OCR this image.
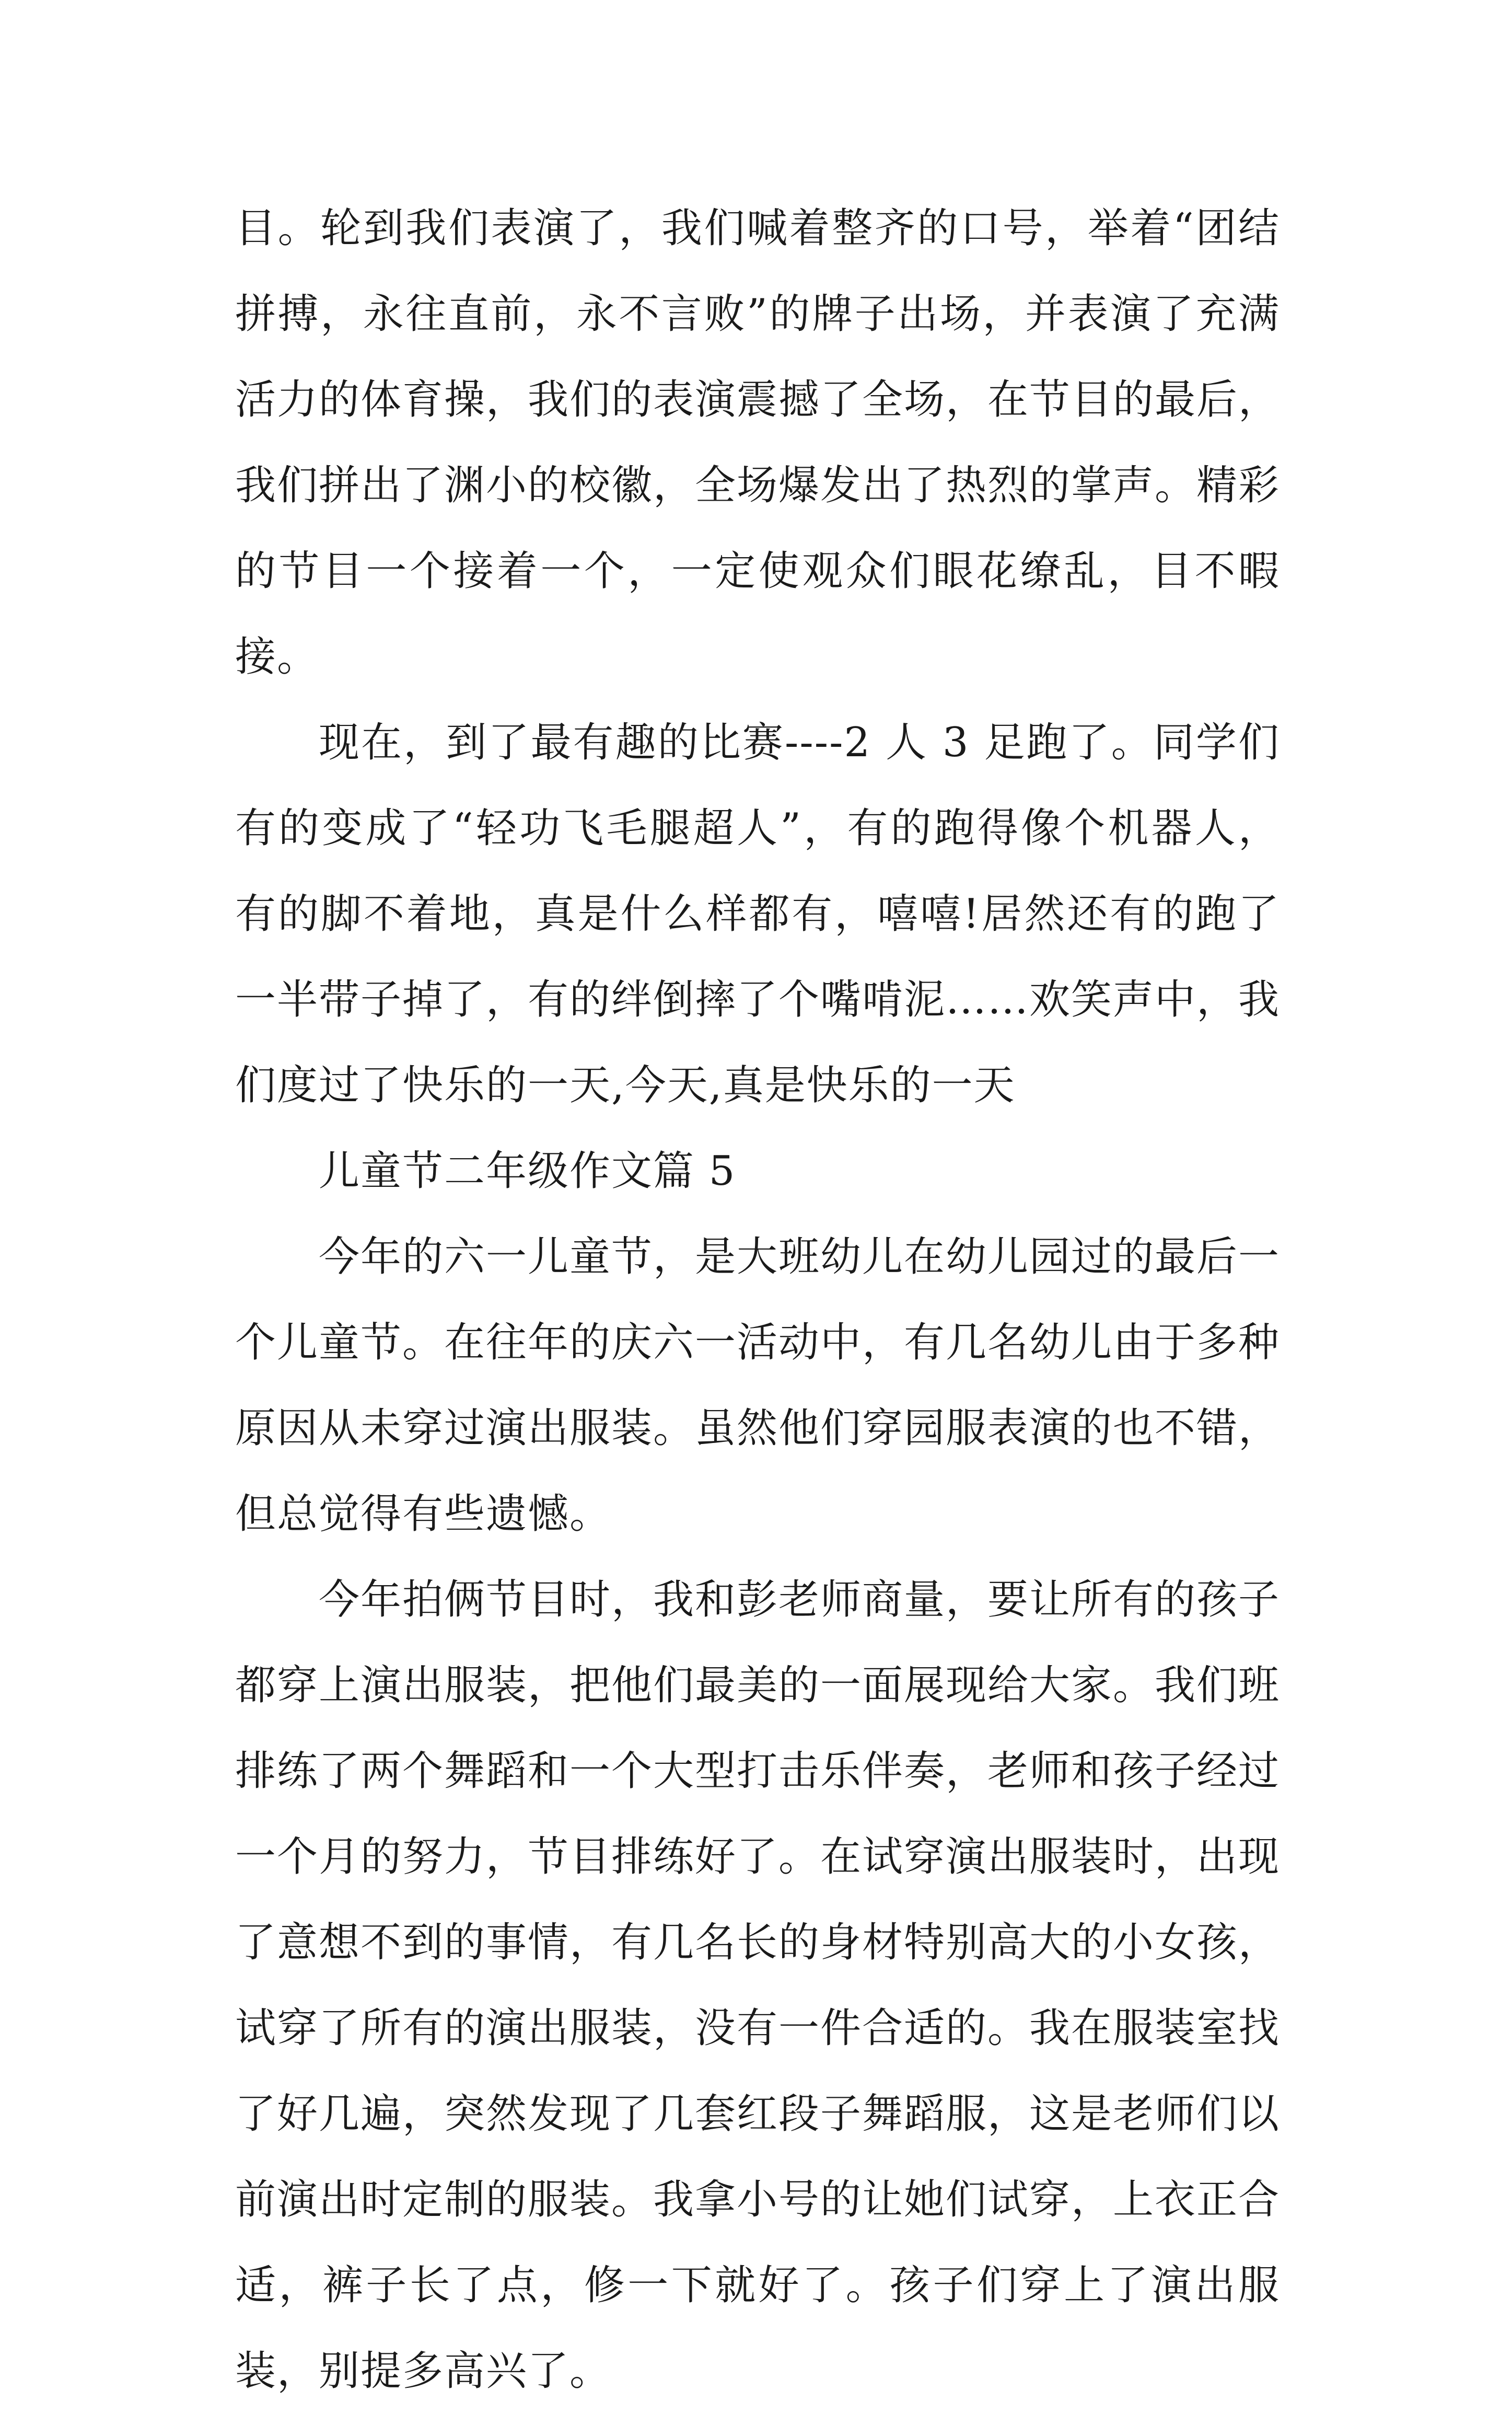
目。轮到我们表演了，我们喊着整齐的口号，举着“团结拼搏，永往直前，永不言败”的牌子出场，并表演了充满活力的体育操，我们的表演震撼了全场，在节目的最后，我们拼出了渊小的校徽，全场爆发出了热烈的掌声。精彩的节目一个接着一个，一定使观众们眼花缭乱，目不暇接。

现在，到了最有趣的比赛----2 人 3 足跑了。同学们有的变成了“轻功飞毛腿超人”，有的跑得像个机器人，有的脚不着地，真是什么样都有，嘻嘻!居然还有的跑了一半带子掉了，有的绊倒摔了个嘴啃泥……欢笑声中，我们度过了快乐的一天,今天,真是快乐的一天

儿童节二年级作文篇 5

今年的六一儿童节，是大班幼儿在幼儿园过的最后一个儿童节。在往年的庆六一活动中，有几名幼儿由于多种原因从未穿过演出服装。虽然他们穿园服表演的也不错，但总觉得有些遗憾。

今年拍俩节目时，我和彭老师商量，要让所有的孩子都穿上演出服装，把他们最美的一面展现给大家。我们班排练了两个舞蹈和一个大型打击乐伴奏，老师和孩子经过一个月的努力，节目排练好了。在试穿演出服装时，出现了意想不到的事情，有几名长的身材特别高大的小女孩，试穿了所有的演出服装，没有一件合适的。我在服装室找了好几遍，突然发现了几套红段子舞蹈服，这是老师们以前演出时定制的服装。我拿小号的让她们试穿，上衣正合适，裤子长了点，修一下就好了。孩子们穿上了演出服装，别提多高兴了。
